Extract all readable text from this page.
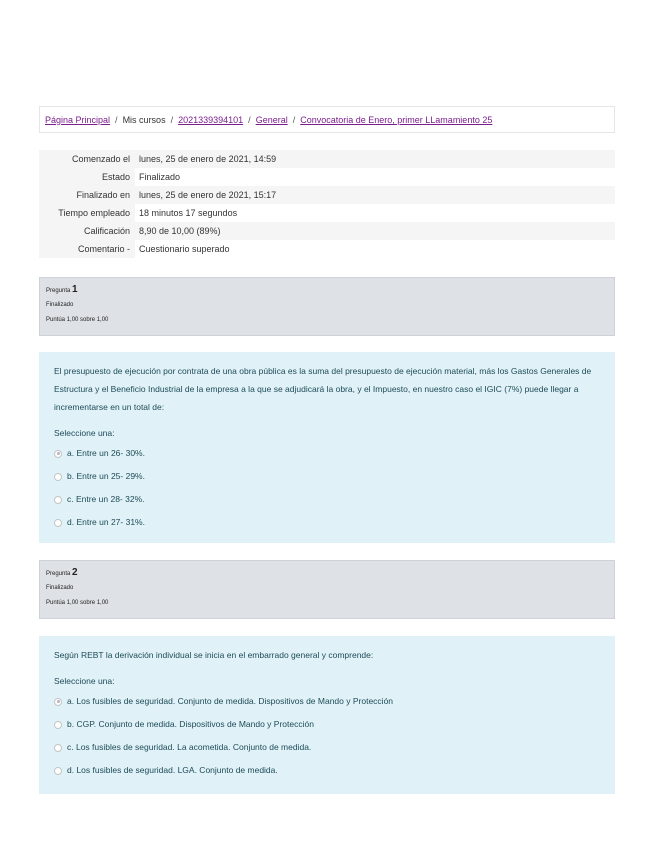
Página Principal / Mis cursos / 2021339394101 / General / Convocatoria de Enero, primer LLamamiento 25
Comenzado el	lunes, 25 de enero de 2021, 14:59
Estado	Finalizado
Finalizado en	lunes, 25 de enero de 2021, 15:17
Tiempo empleado	18 minutos 17 segundos
Calificación	8,90 de 10,00 (89%)
Comentario -	Cuestionario superado
Pregunta 1
Finalizado
Puntúa 1,00 sobre 1,00
El presupuesto de ejecución por contrata de una obra pública es la suma del presupuesto de ejecución material, más los Gastos Generales de Estructura y el Beneficio Industrial de la empresa a la que se adjudicará la obra, y el Impuesto, en nuestro caso el IGIC (7%) puede llegar a incrementarse en un total de:
Seleccione una:
a. Entre un 26- 30%.
b. Entre un 25- 29%.
c. Entre un 28- 32%.
d. Entre un 27- 31%.
Pregunta 2
Finalizado
Puntúa 1,00 sobre 1,00
Según REBT la derivación individual se inicia en el embarrado general y comprende:
Seleccione una:
a. Los fusibles de seguridad. Conjunto de medida. Dispositivos de Mando y Protección
b. CGP. Conjunto de medida. Dispositivos de Mando y Protección
c. Los fusibles de seguridad. La acometida. Conjunto de medida.
d. Los fusibles de seguridad. LGA. Conjunto de medida.
